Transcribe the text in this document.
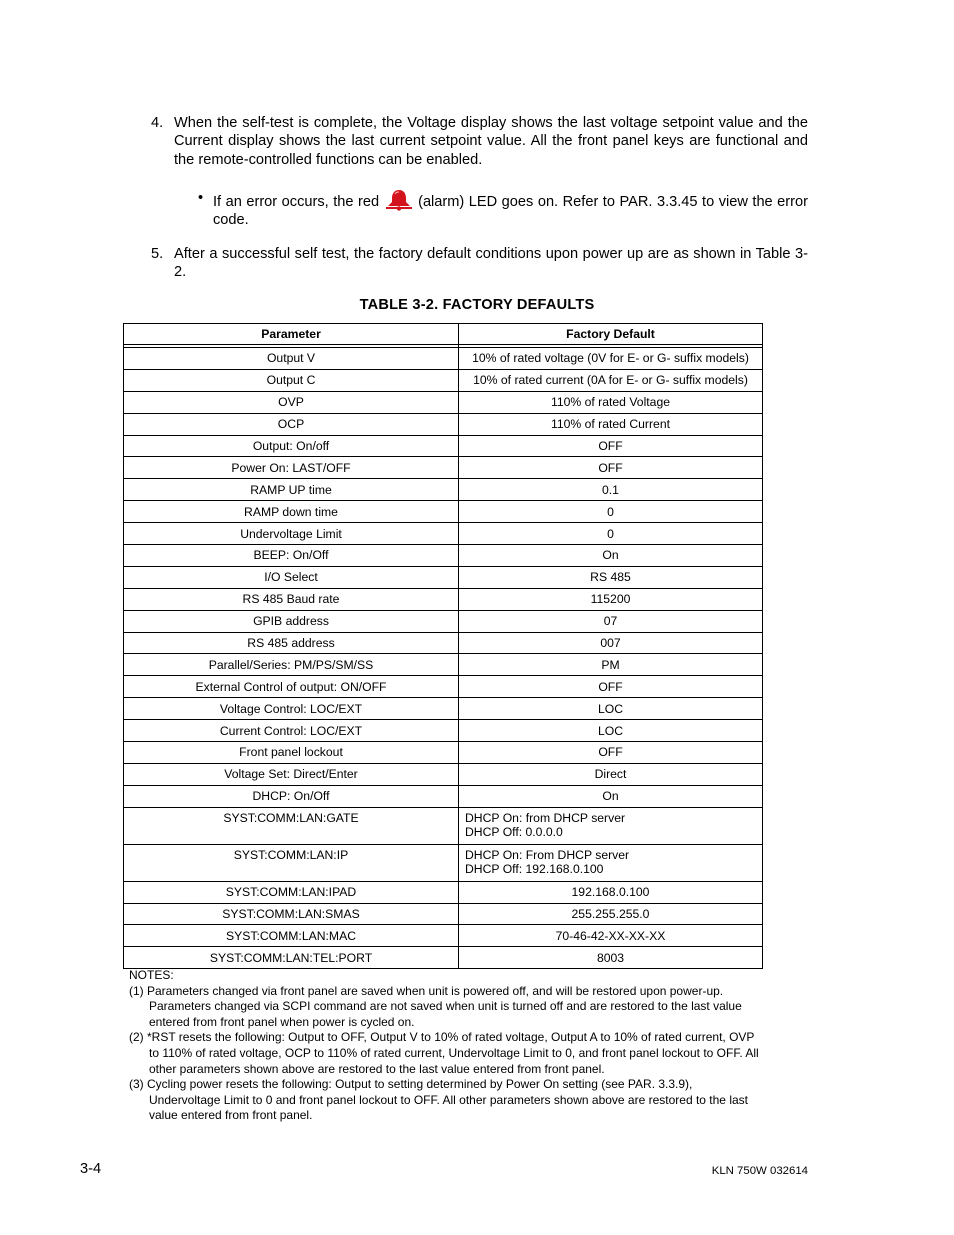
4. When the self-test is complete, the Voltage display shows the last voltage setpoint value and the Current display shows the last current setpoint value. All the front panel keys are functional and the remote-controlled functions can be enabled.
• If an error occurs, the red  (alarm) LED goes on. Refer to PAR. 3.3.45 to view the error code.
5. After a successful self test, the factory default conditions upon power up are as shown in Table 3-2.
TABLE 3-2. FACTORY DEFAULTS
Parameter	Factory Default

Output V	10% of rated voltage (0V for E- or G- suffix models)
Output C	10% of rated current (0A for E- or G- suffix models)
OVP	110% of rated Voltage
OCP	110% of rated Current
Output: On/off	OFF
Power On: LAST/OFF	OFF
RAMP UP time	0.1
RAMP down time	0
Undervoltage Limit	0
BEEP: On/Off	On
I/O Select	RS 485
RS 485 Baud rate	115200
GPIB address	07
RS 485 address	007
Parallel/Series: PM/PS/SM/SS	PM
External Control of output: ON/OFF	OFF
Voltage Control: LOC/EXT	LOC
Current Control: LOC/EXT	LOC
Front panel lockout	OFF
Voltage Set: Direct/Enter	Direct
DHCP: On/Off	On
SYST:COMM:LAN:GATE	DHCP On: from DHCP server
DHCP Off: 0.0.0.0

SYST:COMM:LAN:IP	DHCP On: From DHCP server
DHCP Off: 192.168.0.100

SYST:COMM:LAN:IPAD	192.168.0.100
SYST:COMM:LAN:SMAS	255.255.255.0
SYST:COMM:LAN:MAC	70-46-42-XX-XX-XX
SYST:COMM:LAN:TEL:PORT	8003
NOTES:
(1) Parameters changed via front panel are saved when unit is powered off, and will be restored upon power-up. Parameters changed via SCPI command are not saved when unit is turned off and are restored to the last value entered from front panel when power is cycled on.
(2) *RST resets the following: Output to OFF, Output V to 10% of rated voltage, Output A to 10% of rated current, OVP to 110% of rated voltage, OCP to 110% of rated current, Undervoltage Limit to 0, and front panel lockout to OFF. All other parameters shown above are restored to the last value entered from front panel.
(3) Cycling power resets the following: Output to setting determined by Power On setting (see PAR. 3.3.9), Undervoltage Limit to 0 and front panel lockout to OFF. All other parameters shown above are restored to the last value entered from front panel.
3-4	KLN 750W 032614
